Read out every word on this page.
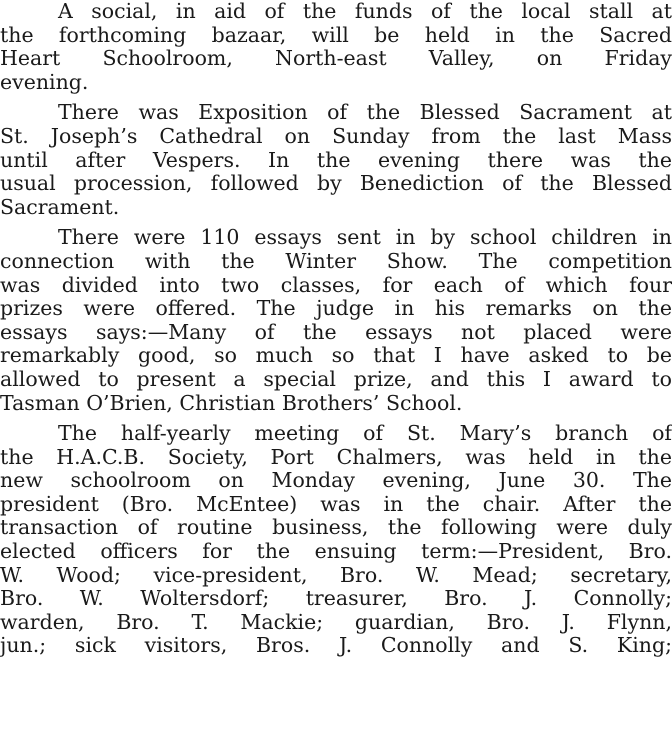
A social, in aid of the funds of the local stall at
the forthcoming bazaar, will be held in the Sacred
Heart Schoolroom, North-east Valley, on Friday
evening.

There was Exposition of the Blessed Sacrament at
St. Joseph’s Cathedral on Sunday from the last Mass
until after Vespers. In the evening there was the
usual procession, followed by Benediction of the Blessed
Sacrament.

There were 110 essays sent in by school children in
connection with the Winter Show. The competition
was divided into two classes, for each of which four
prizes were offered. The judge in his remarks on the
essays says:—Many of the essays not placed were
remarkably good, so much so that I have asked to be
allowed to present a special prize, and this I award to
Tasman O’Brien, Christian Brothers’ School.

The half-yearly meeting of St. Mary’s branch of
the H.A.C.B. Society, Port Chalmers, was held in the
new schoolroom on Monday evening, June 30. The
president (Bro. McEntee) was in the chair. After the
transaction of routine business, the following were duly
elected officers for the ensuing term:—President, Bro.
W. Wood; vice-president, Bro. W. Mead; secretary,
Bro. W. Woltersdorf; treasurer, Bro. J. Connolly;
warden, Bro. T. Mackie; guardian, Bro. J. Flynn,
jun.; sick visitors, Bros. J. Connolly and S. King;
